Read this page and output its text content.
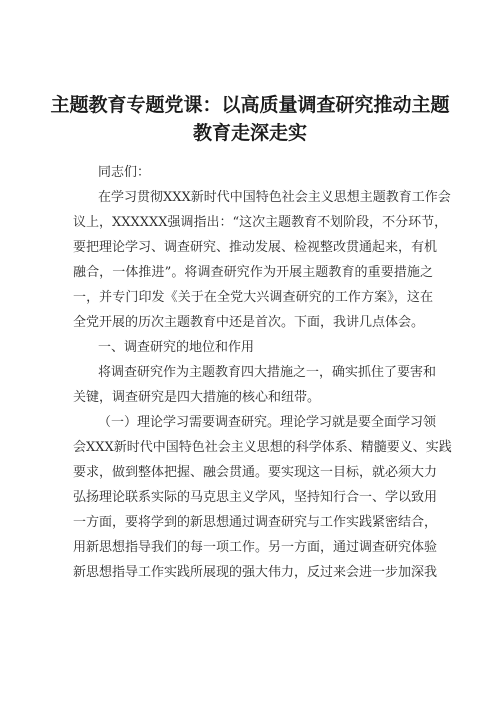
主题教育专题党课：以高质量调查研究推动主题
教育走深走实
同志们：
在学习贯彻XXX新时代中国特色社会主义思想主题教育工作会
议上，XXXXXX强调指出：“这次主题教育不划阶段，不分环节，
要把理论学习、调查研究、推动发展、检视整改贯通起来，有机
融合，一体推进”。将调查研究作为开展主题教育的重要措施之
一，并专门印发《关于在全党大兴调查研究的工作方案》，这在
全党开展的历次主题教育中还是首次。下面，我讲几点体会。
一、调查研究的地位和作用
将调查研究作为主题教育四大措施之一，确实抓住了要害和
关键，调查研究是四大措施的核心和纽带。
（一）理论学习需要调查研究。理论学习就是要全面学习领
会XXX新时代中国特色社会主义思想的科学体系、精髓要义、实践
要求，做到整体把握、融会贯通。要实现这一目标，就必须大力
弘扬理论联系实际的马克思主义学风，坚持知行合一、学以致用
一方面，要将学到的新思想通过调查研究与工作实践紧密结合，
用新思想指导我们的每一项工作。另一方面，通过调查研究体验
新思想指导工作实践所展现的强大伟力，反过来会进一步加深我
